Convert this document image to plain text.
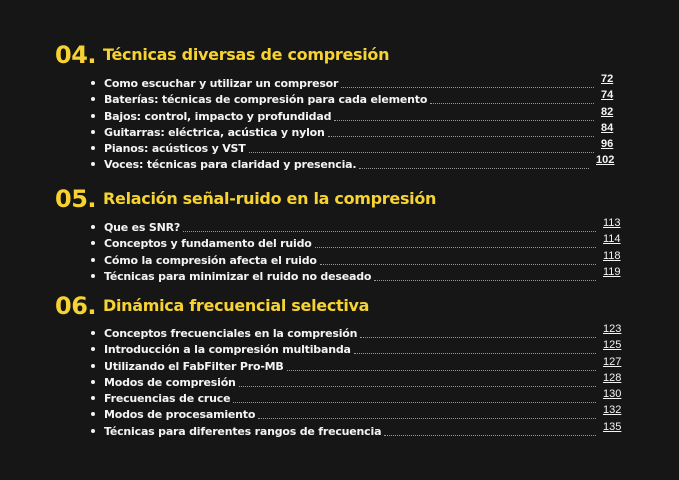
04. Técnicas diversas de compresión
Como escuchar y utilizar un compresor	72
Baterías: técnicas de compresión para cada elemento	74
Bajos: control, impacto y profundidad	82
Guitarras: eléctrica, acústica y nylon	84
Pianos: acústicos y VST	96
Voces: técnicas para claridad y presencia.	102
05. Relación señal-ruido en la compresión
Que es SNR?	113
Conceptos y fundamento del ruido	114
Cómo la compresión afecta el ruido	118
Técnicas para minimizar el ruido no deseado	119
06. Dinámica frecuencial selectiva
Conceptos frecuenciales en la compresión	123
Introducción a la compresión multibanda	125
Utilizando el FabFilter Pro-MB	127
Modos de compresión	128
Frecuencias de cruce	130
Modos de procesamiento	132
Técnicas para diferentes rangos de frecuencia	135
